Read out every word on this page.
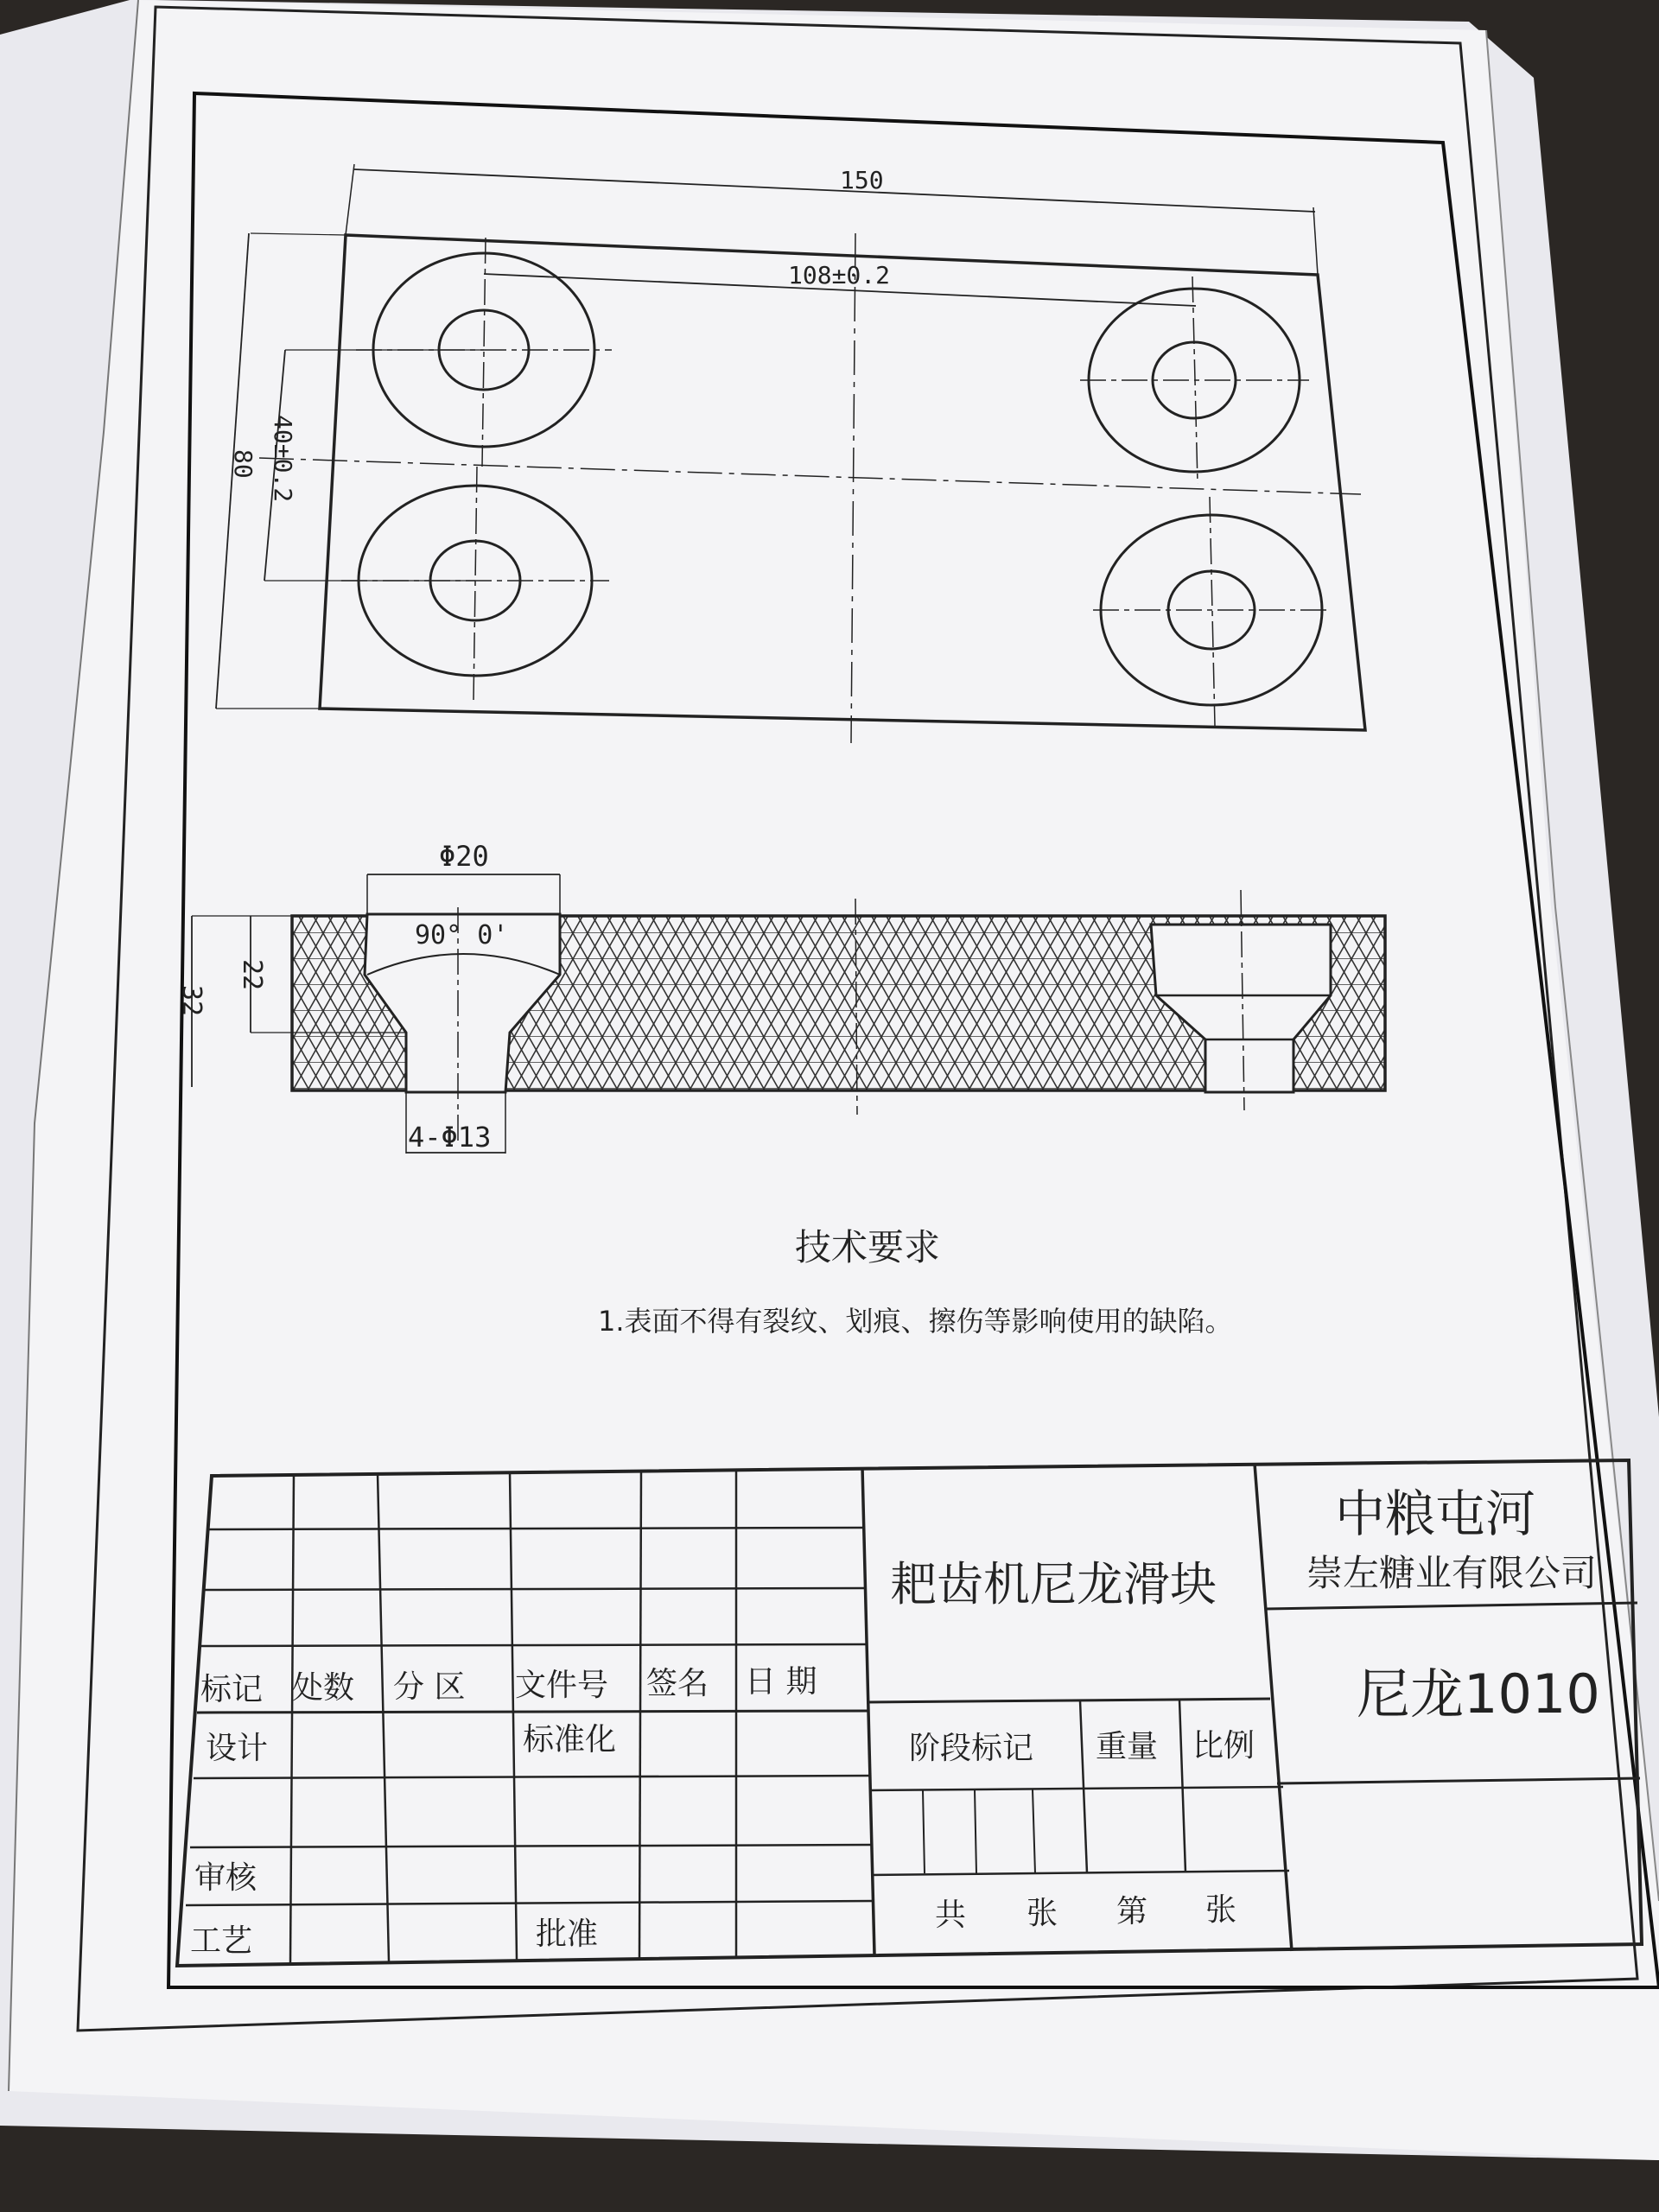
150
108±0.2
40±0.2
80
Φ20
90° 0'
22
32
4-Φ13
技术要求
1.表面不得有裂纹、划痕、擦伤等影响使用的缺陷。
标记 处数 分 区 文件号 签名 日 期
设计	标准化
审核
工艺	批准
耙齿机尼龙滑块
阶段标记 重量 比例
共 张 第 张
中粮屯河
崇左糖业有限公司
尼龙1010
